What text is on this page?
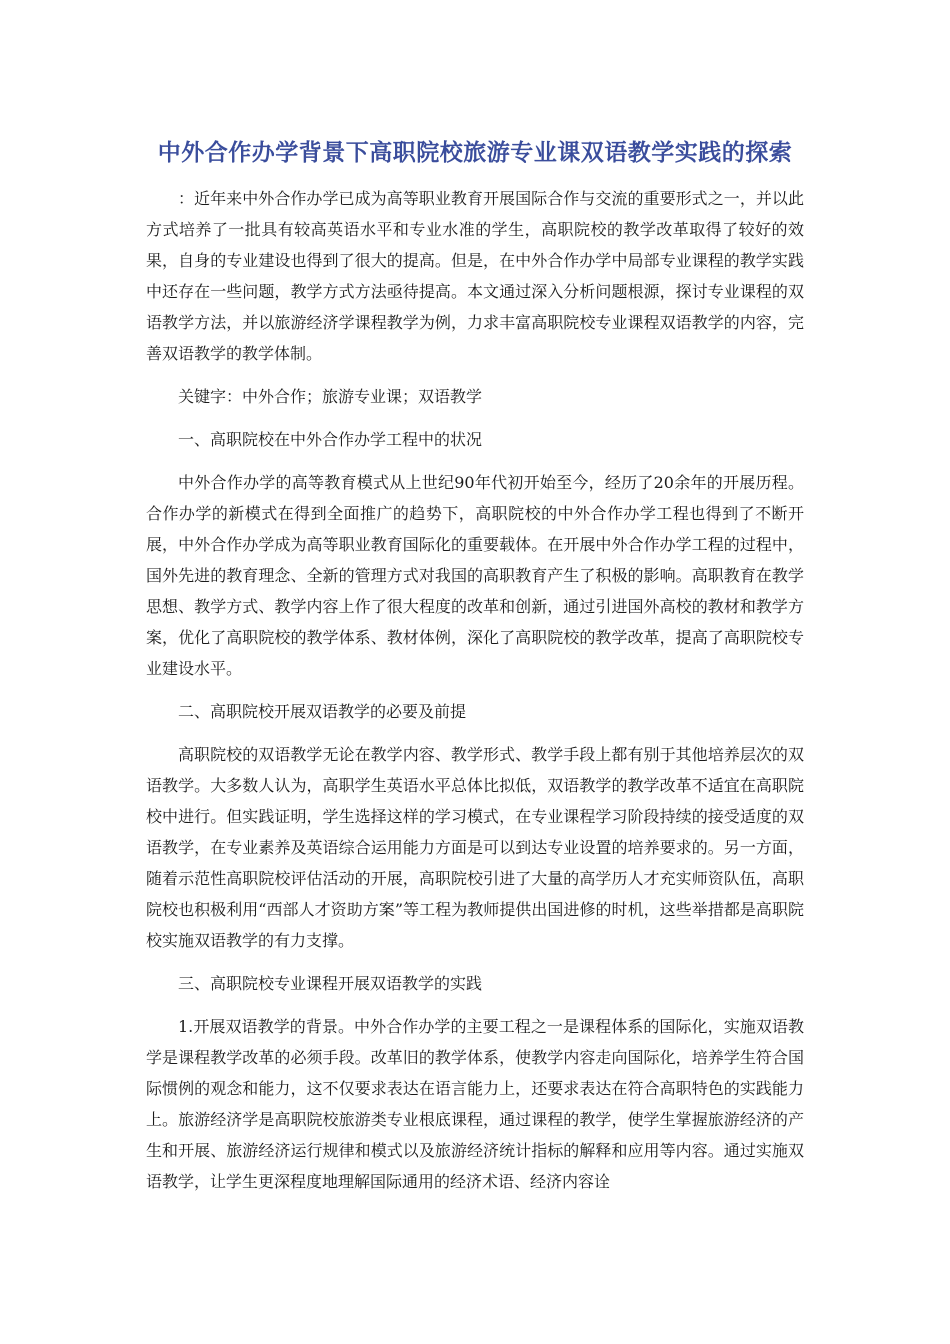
中外合作办学背景下高职院校旅游专业课双语教学实践的探索

：近年来中外合作办学已成为高等职业教育开展国际合作与交流的重要形式之一，并以此方式培养了一批具有较高英语水平和专业水准的学生，高职院校的教学改革取得了较好的效果，自身的专业建设也得到了很大的提高。但是，在中外合作办学中局部专业课程的教学实践中还存在一些问题，教学方式方法亟待提高。本文通过深入分析问题根源，探讨专业课程的双语教学方法，并以旅游经济学课程教学为例，力求丰富高职院校专业课程双语教学的内容，完善双语教学的教学体制。

关键字：中外合作；旅游专业课；双语教学

一、高职院校在中外合作办学工程中的状况

中外合作办学的高等教育模式从上世纪90年代初开始至今，经历了20余年的开展历程。合作办学的新模式在得到全面推广的趋势下，高职院校的中外合作办学工程也得到了不断开展，中外合作办学成为高等职业教育国际化的重要载体。在开展中外合作办学工程的过程中，国外先进的教育理念、全新的管理方式对我国的高职教育产生了积极的影响。高职教育在教学思想、教学方式、教学内容上作了很大程度的改革和创新，通过引进国外高校的教材和教学方案，优化了高职院校的教学体系、教材体例，深化了高职院校的教学改革，提高了高职院校专业建设水平。

二、高职院校开展双语教学的必要及前提

高职院校的双语教学无论在教学内容、教学形式、教学手段上都有别于其他培养层次的双语教学。大多数人认为，高职学生英语水平总体比拟低，双语教学的教学改革不适宜在高职院校中进行。但实践证明，学生选择这样的学习模式，在专业课程学习阶段持续的接受适度的双语教学，在专业素养及英语综合运用能力方面是可以到达专业设置的培养要求的。另一方面，随着示范性高职院校评估活动的开展，高职院校引进了大量的高学历人才充实师资队伍，高职院校也积极利用“西部人才资助方案”等工程为教师提供出国进修的时机，这些举措都是高职院校实施双语教学的有力支撑。

三、高职院校专业课程开展双语教学的实践

1.开展双语教学的背景。中外合作办学的主要工程之一是课程体系的国际化，实施双语教学是课程教学改革的必须手段。改革旧的教学体系，使教学内容走向国际化，培养学生符合国际惯例的观念和能力，这不仅要求表达在语言能力上，还要求表达在符合高职特色的实践能力上。旅游经济学是高职院校旅游类专业根底课程，通过课程的教学，使学生掌握旅游经济的产生和开展、旅游经济运行规律和模式以及旅游经济统计指标的解释和应用等内容。通过实施双语教学，让学生更深程度地理解国际通用的经济术语、经济内容诠
